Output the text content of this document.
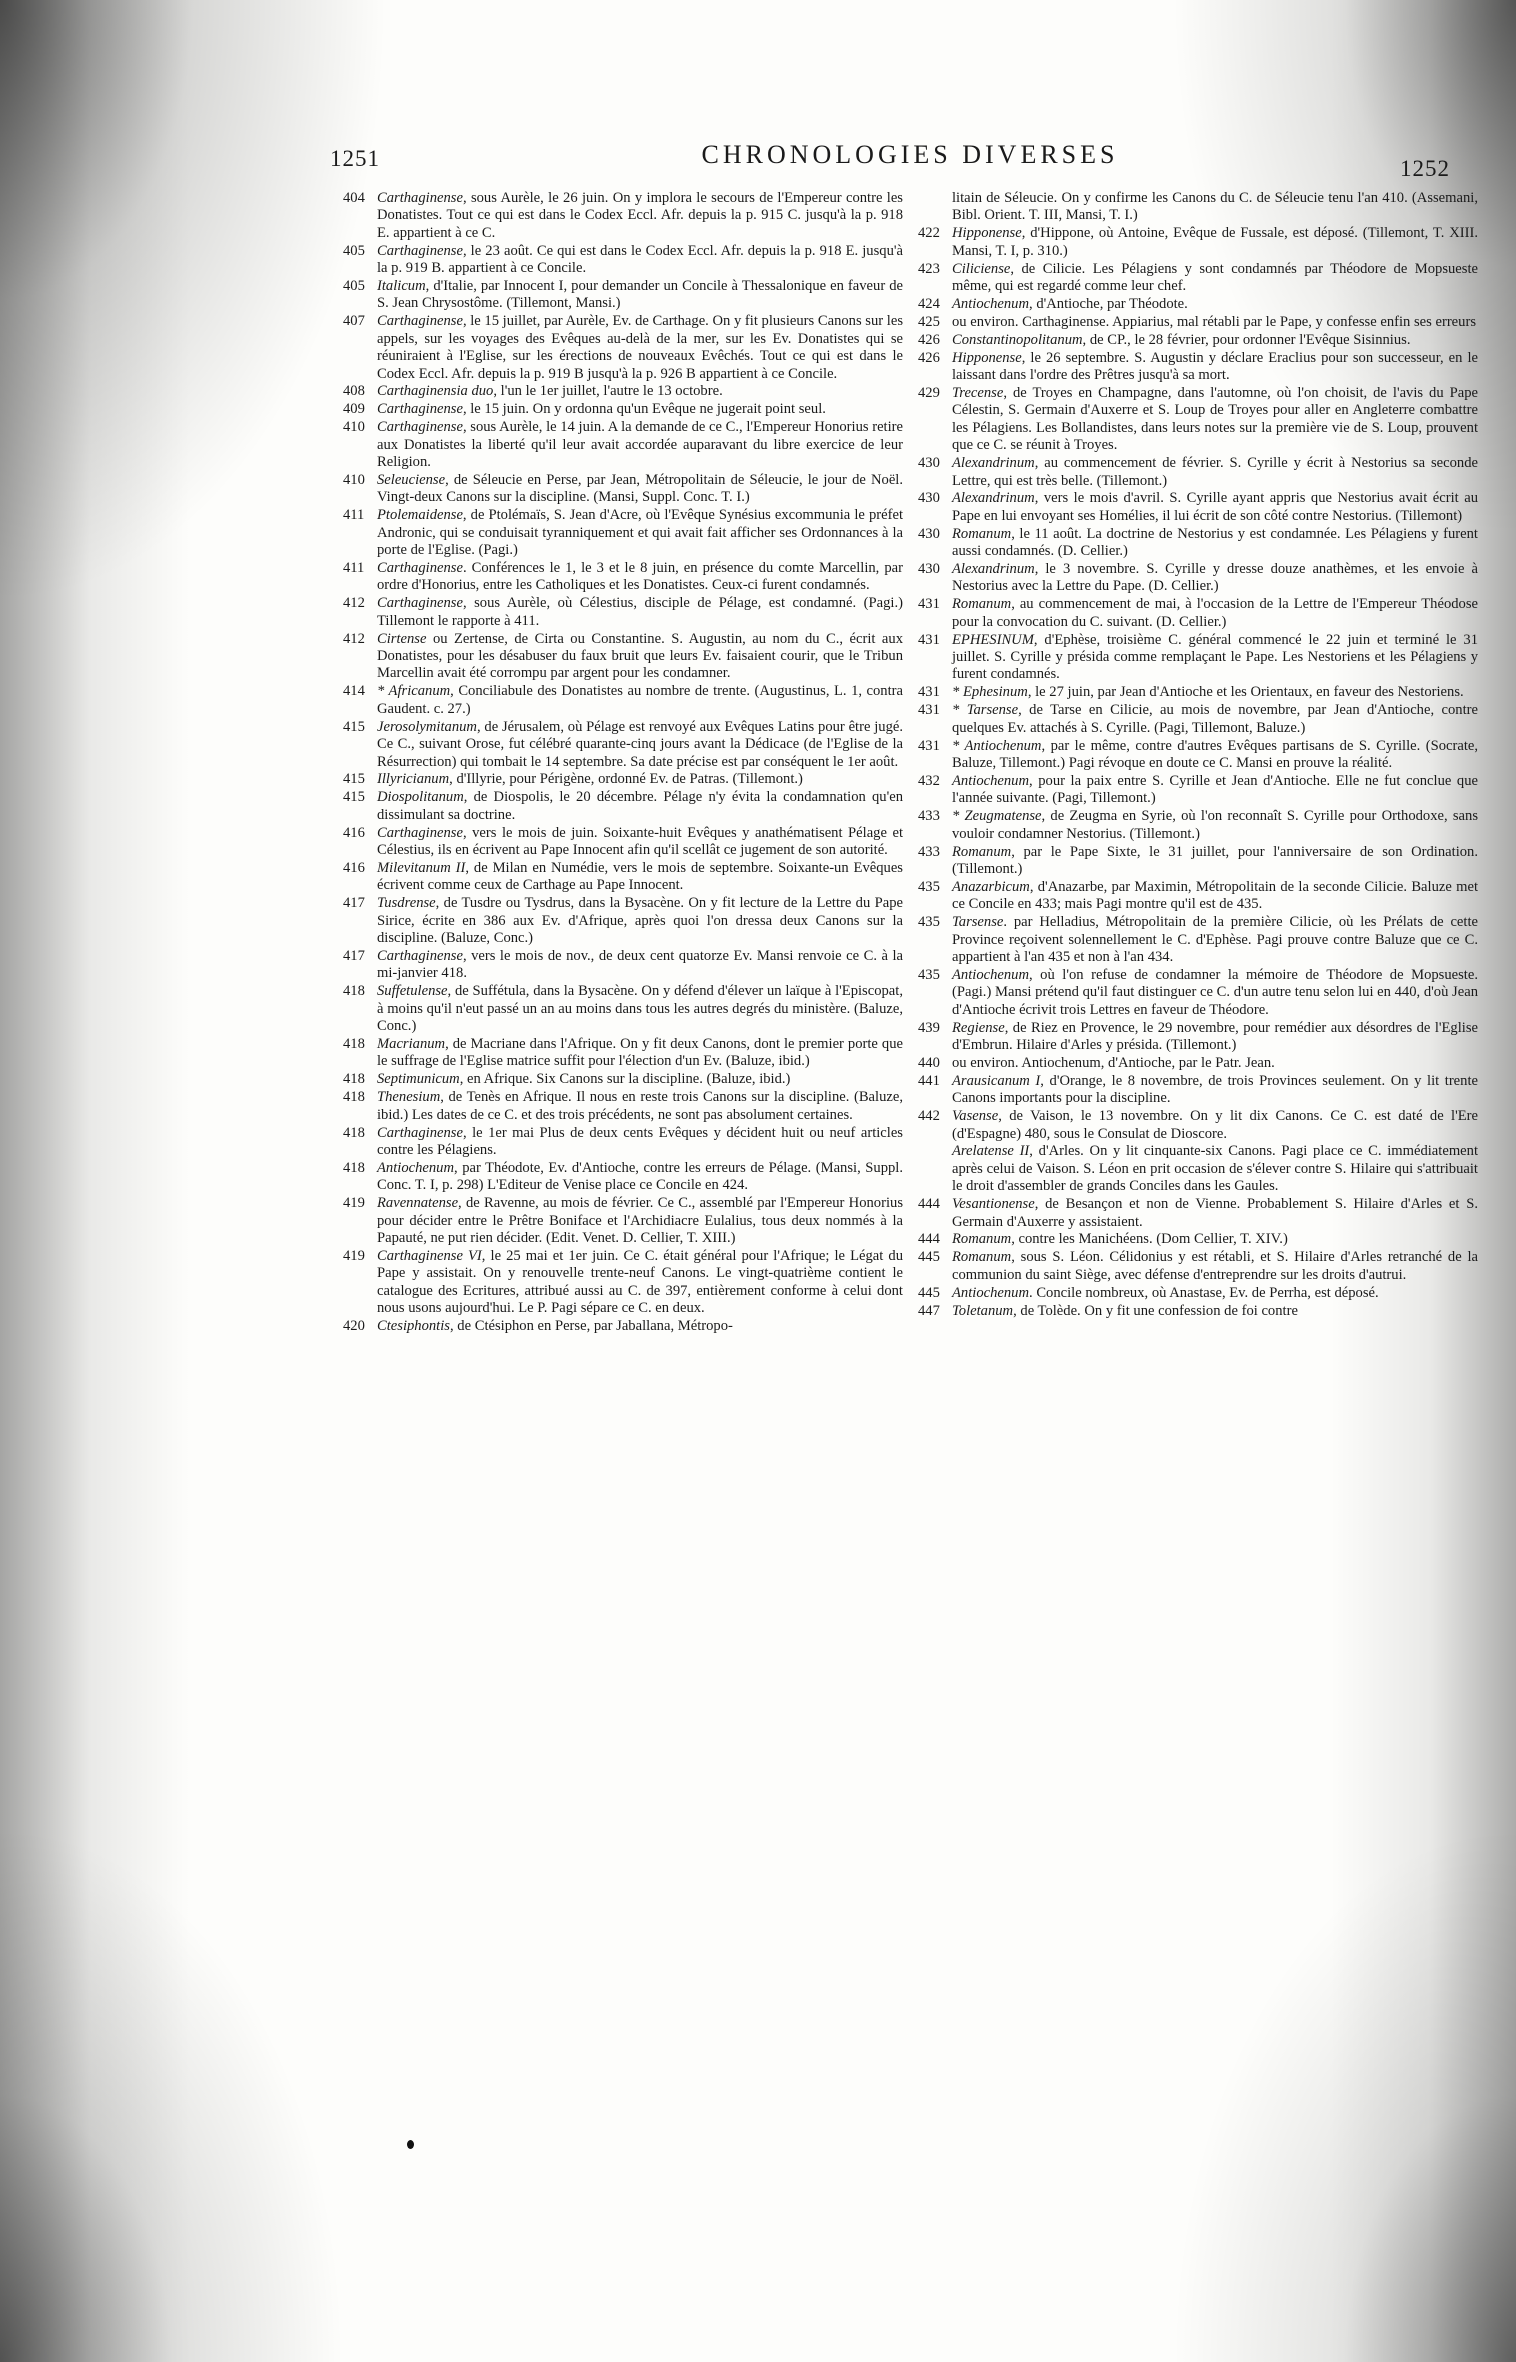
1251	CHRONOLOGIES DIVERSES	1252
404 Carthaginense, sous Aurèle, le 26 juin. On y implora le secours de l'Empereur contre les Donatistes. Tout ce qui est dans le Codex Eccl. Afr. depuis la p. 915 C. jusqu'à la p. 918 E. appartient à ce C.
405 Carthaginense, le 23 août. Ce qui est dans le Codex Eccl. Afr. depuis la p. 918 E. jusqu'à la p. 919 B. appartient à ce Concile.
405 Italicum, d'Italie, par Innocent I, pour demander un Concile à Thessalonique en faveur de S. Jean Chrysostôme. (Tillemont, Mansi.)
407 Carthaginense, le 15 juillet, par Aurèle, Ev. de Carthage. On y fit plusieurs Canons sur les appels, sur les voyages des Evêques au-delà de la mer, sur les Ev. Donatistes qui se réuniraient à l'Eglise, sur les érections de nouveaux Evêchés. Tout ce qui est dans le Codex Eccl. Afr. depuis la p. 919 B jusqu'à la p. 926 B appartient à ce Concile.
408 Carthaginensia duo, l'un le 1er juillet, l'autre le 13 octobre.
409 Carthaginense, le 15 juin. On y ordonna qu'un Evêque ne jugerait point seul.
410 Carthaginense, sous Aurèle, le 14 juin. A la demande de ce C., l'Empereur Honorius retire aux Donatistes la liberté qu'il leur avait accordée auparavant du libre exercice de leur Religion.
410 Seleuciense, de Séleucie en Perse, par Jean, Métropolitain de Séleucie, le jour de Noël. Vingt-deux Canons sur la discipline. (Mansi, Suppl. Conc. T. I.)
411 Ptolemaidense, de Ptolémaïs, S. Jean d'Acre, où l'Evêque Synésius excommunia le préfet Andronic, qui se conduisait tyranniquement et qui avait fait afficher ses Ordonnances à la porte de l'Eglise. (Pagi.)
411 Carthaginense. Conférences le 1, le 3 et le 8 juin, en présence du comte Marcellin, par ordre d'Honorius, entre les Catholiques et les Donatistes. Ceux-ci furent condamnés.
412 Carthaginense, sous Aurèle, où Célestius, disciple de Pélage, est condamné. (Pagi.) Tillemont le rapporte à 411.
412 Cirtense ou Zertense, de Cirta ou Constantine. S. Augustin, au nom du C., écrit aux Donatistes, pour les désabuser du faux bruit que leurs Ev. faisaient courir, que le Tribun Marcellin avait été corrompu par argent pour les condamner.
414 * Africanum, Conciliabule des Donatistes au nombre de trente. (Augustinus, L. 1, contra Gaudent. c. 27.)
415 Jerosolymitanum, de Jérusalem, où Pélage est renvoyé aux Evêques Latins pour être jugé. Ce C., suivant Orose, fut célébré quarante-cinq jours avant la Dédicace (de l'Eglise de la Résurrection) qui tombait le 14 septembre. Sa date précise est par conséquent le 1er août.
415 Illyricianum, d'Illyrie, pour Périgène, ordonné Ev. de Patras. (Tillemont.)
415 Diospolitanum, de Diospolis, le 20 décembre. Pélage n'y évita la condamnation qu'en dissimulant sa doctrine.
416 Carthaginense, vers le mois de juin. Soixante-huit Evêques y anathématisent Pélage et Célestius, ils en écrivent au Pape Innocent afin qu'il scellât ce jugement de son autorité.
416 Milevitanum II, de Milan en Numédie, vers le mois de septembre. Soixante-un Evêques écrivent comme ceux de Carthage au Pape Innocent.
417 Tusdrense, de Tusdre ou Tysdrus, dans la Bysacène. On y fit lecture de la Lettre du Pape Sirice, écrite en 386 aux Ev. d'Afrique, après quoi l'on dressa deux Canons sur la discipline. (Baluze, Conc.)
417 Carthaginense, vers le mois de nov., de deux cent quatorze Ev. Mansi renvoie ce C. à la mi-janvier 418.
418 Suffetulense, de Suffétula, dans la Bysacène. On y défend d'élever un laïque à l'Episcopat, à moins qu'il n'eut passé un an au moins dans tous les autres degrés du ministère. (Baluze, Conc.)
418 Macrianum, de Macriane dans l'Afrique. On y fit deux Canons, dont le premier porte que le suffrage de l'Eglise matrice suffit pour l'élection d'un Ev. (Baluze, ibid.)
418 Septimunicum, en Afrique. Six Canons sur la discipline. (Baluze, ibid.)
418 Thenesium, de Tenès en Afrique. Il nous en reste trois Canons sur la discipline. (Baluze, ibid.) Les dates de ce C. et des trois précédents, ne sont pas absolument certaines.
418 Carthaginense, le 1er mai Plus de deux cents Evêques y décident huit ou neuf articles contre les Pélagiens.
418 Antiochenum, par Théodote, Ev. d'Antioche, contre les erreurs de Pélage. (Mansi, Suppl. Conc. T. I, p. 298) L'Editeur de Venise place ce Concile en 424.
419 Ravennatense, de Ravenne, au mois de février. Ce C., assemblé par l'Empereur Honorius pour décider entre le Prêtre Boniface et l'Archidiacre Eulalius, tous deux nommés à la Papauté, ne put rien décider. (Edit. Venet. D. Cellier, T. XIII.)
419 Carthaginense VI, le 25 mai et 1er juin. Ce C. était général pour l'Afrique; le Légat du Pape y assistait. On y renouvelle trente-neuf Canons. Le vingt-quatrième contient le catalogue des Ecritures, attribué aussi au C. de 397, entièrement conforme à celui dont nous usons aujourd'hui. Le P. Pagi sépare ce C. en deux.
420 Ctesiphontis, de Ctésiphon en Perse, par Jaballana, Métropo-
litain de Séleucie. On y confirme les Canons du C. de Séleucie tenu l'an 410. (Assemani, Bibl. Orient. T. III, Mansi, T. I.)
422 Hipponense, d'Hippone, où Antoine, Evêque de Fussale, est déposé. (Tillemont, T. XIII. Mansi, T. I, p. 310.)
423 Ciliciense, de Cilicie. Les Pélagiens y sont condamnés par Théodore de Mopsueste même, qui est regardé comme leur chef.
424 Antiochenum, d'Antioche, par Théodote.
425 ou environ. Carthaginense. Appiarius, mal rétabli par le Pape, y confesse enfin ses erreurs
426 Constantinopolitanum, de CP., le 28 février, pour ordonner l'Evêque Sisinnius.
426 Hipponense, le 26 septembre. S. Augustin y déclare Eraclius pour son successeur, en le laissant dans l'ordre des Prêtres jusqu'à sa mort.
429 Trecense, de Troyes en Champagne, dans l'automne, où l'on choisit, de l'avis du Pape Célestin, S. Germain d'Auxerre et S. Loup de Troyes pour aller en Angleterre combattre les Pélagiens. Les Bollandistes, dans leurs notes sur la première vie de S. Loup, prouvent que ce C. se réunit à Troyes.
430 Alexandrinum, au commencement de février. S. Cyrille y écrit à Nestorius sa seconde Lettre, qui est très belle. (Tillemont.)
430 Alexandrinum, vers le mois d'avril. S. Cyrille ayant appris que Nestorius avait écrit au Pape en lui envoyant ses Homélies, il lui écrit de son côté contre Nestorius. (Tillemont)
430 Romanum, le 11 août. La doctrine de Nestorius y est condamnée. Les Pélagiens y furent aussi condamnés. (D. Cellier.)
430 Alexandrinum, le 3 novembre. S. Cyrille y dresse douze anathèmes, et les envoie à Nestorius avec la Lettre du Pape. (D. Cellier.)
431 Romanum, au commencement de mai, à l'occasion de la Lettre de l'Empereur Théodose pour la convocation du C. suivant. (D. Cellier.)
431 EPHESINUM, d'Ephèse, troisième C. général commencé le 22 juin et terminé le 31 juillet. S. Cyrille y présida comme remplaçant le Pape. Les Nestoriens et les Pélagiens y furent condamnés.
431 * Ephesinum, le 27 juin, par Jean d'Antioche et les Orientaux, en faveur des Nestoriens.
431 * Tarsense, de Tarse en Cilicie, au mois de novembre, par Jean d'Antioche, contre quelques Ev. attachés à S. Cyrille. (Pagi, Tillemont, Baluze.)
431 * Antiochenum, par le même, contre d'autres Evêques partisans de S. Cyrille. (Socrate, Baluze, Tillemont.) Pagi révoque en doute ce C. Mansi en prouve la réalité.
432 Antiochenum, pour la paix entre S. Cyrille et Jean d'Antioche. Elle ne fut conclue que l'année suivante. (Pagi, Tillemont.)
433 * Zeugmatense, de Zeugma en Syrie, où l'on reconnaît S. Cyrille pour Orthodoxe, sans vouloir condamner Nestorius. (Tillemont.)
433 Romanum, par le Pape Sixte, le 31 juillet, pour l'anniversaire de son Ordination. (Tillemont.)
435 Anazarbicum, d'Anazarbe, par Maximin, Métropolitain de la seconde Cilicie. Baluze met ce Concile en 433; mais Pagi montre qu'il est de 435.
435 Tarsense. par Helladius, Métropolitain de la première Cilicie, où les Prélats de cette Province reçoivent solennellement le C. d'Ephèse. Pagi prouve contre Baluze que ce C. appartient à l'an 435 et non à l'an 434.
435 Antiochenum, où l'on refuse de condamner la mémoire de Théodore de Mopsueste. (Pagi.) Mansi prétend qu'il faut distinguer ce C. d'un autre tenu selon lui en 440, d'où Jean d'Antioche écrivit trois Lettres en faveur de Théodore.
439 Regiense, de Riez en Provence, le 29 novembre, pour remédier aux désordres de l'Eglise d'Embrun. Hilaire d'Arles y présida. (Tillemont.)
440 ou environ. Antiochenum, d'Antioche, par le Patr. Jean.
441 Arausicanum I, d'Orange, le 8 novembre, de trois Provinces seulement. On y lit trente Canons importants pour la discipline.
442 Vasense, de Vaison, le 13 novembre. On y lit dix Canons. Ce C. est daté de l'Ere (d'Espagne) 480, sous le Consulat de Dioscore.
Arelatense II, d'Arles. On y lit cinquante-six Canons. Pagi place ce C. immédiatement après celui de Vaison. S. Léon en prit occasion de s'élever contre S. Hilaire qui s'attribuait le droit d'assembler de grands Conciles dans les Gaules.
444 Vesantionense, de Besançon et non de Vienne. Probablement S. Hilaire d'Arles et S. Germain d'Auxerre y assistaient.
444 Romanum, contre les Manichéens. (Dom Cellier, T. XIV.)
445 Romanum, sous S. Léon. Célidonius y est rétabli, et S. Hilaire d'Arles retranché de la communion du saint Siège, avec défense d'entreprendre sur les droits d'autrui.
445 Antiochenum. Concile nombreux, où Anastase, Ev. de Perrha, est déposé.
447 Toletanum, de Tolède. On y fit une confession de foi contre
